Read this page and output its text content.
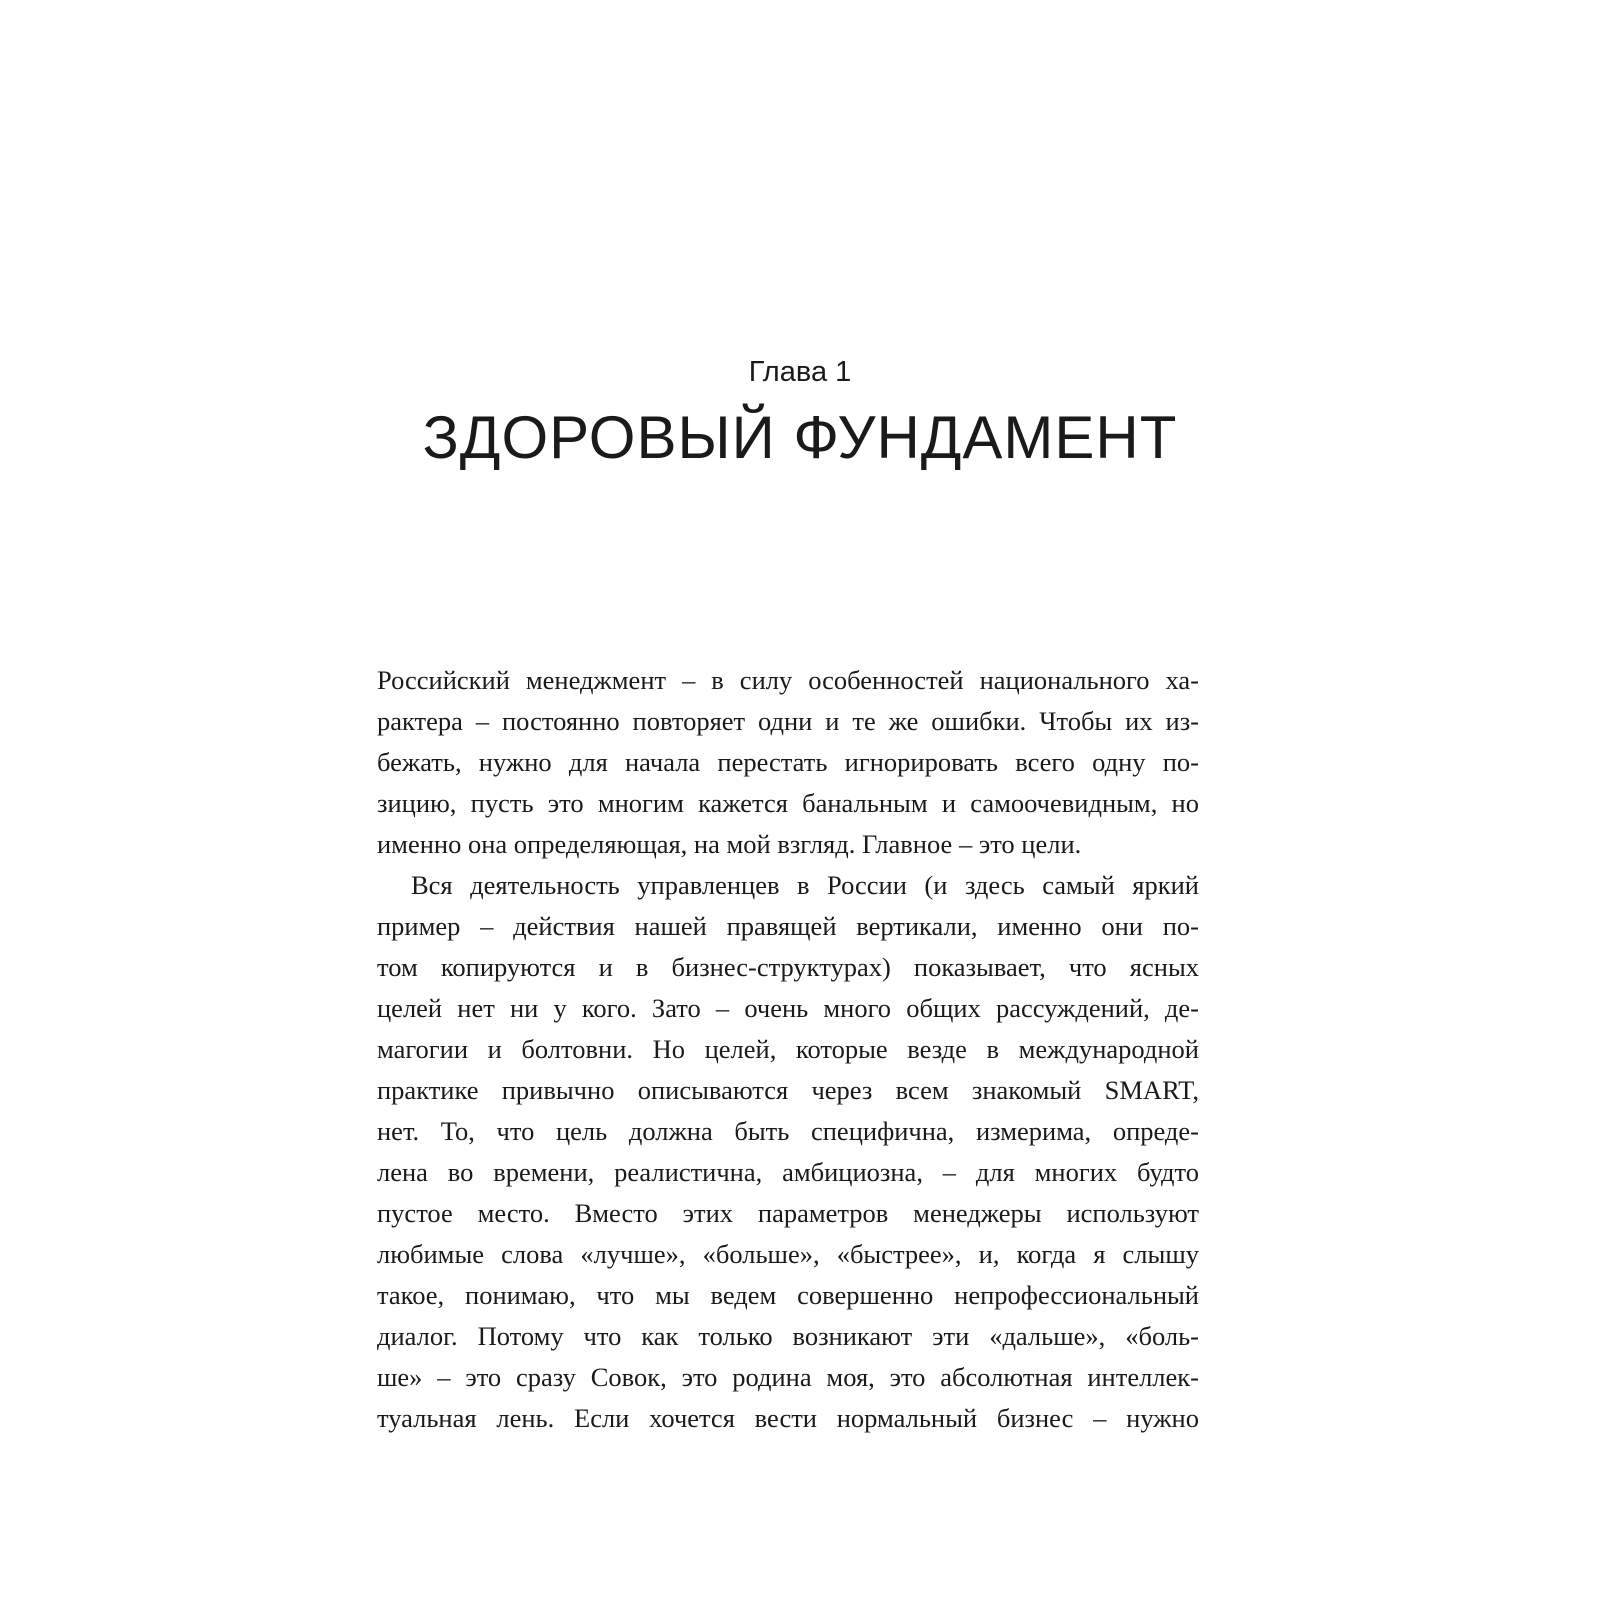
Глава 1
ЗДОРОВЫЙ ФУНДАМЕНТ
Российский менеджмент – в силу особенностей национального ха-
рактера – постоянно повторяет одни и те же ошибки. Чтобы их из-
бежать, нужно для начала перестать игнорировать всего одну по-
зицию, пусть это многим кажется банальным и самоочевидным, но
именно она определяющая, на мой взгляд. Главное – это цели.
Вся деятельность управленцев в России (и здесь самый яркий
пример – действия нашей правящей вертикали, именно они по-
том копируются и в бизнес-структурах) показывает, что ясных
целей нет ни у кого. Зато – очень много общих рассуждений, де-
магогии и болтовни. Но целей, которые везде в международной
практике привычно описываются через всем знакомый SMART,
нет. То, что цель должна быть специфична, измерима, опреде-
лена во времени, реалистична, амбициозна, – для многих будто
пустое место. Вместо этих параметров менеджеры используют
любимые слова «лучше», «больше», «быстрее», и, когда я слышу
такое, понимаю, что мы ведем совершенно непрофессиональный
диалог. Потому что как только возникают эти «дальше», «боль-
ше» – это сразу Совок, это родина моя, это абсолютная интеллек-
туальная лень. Если хочется вести нормальный бизнес – нужно
